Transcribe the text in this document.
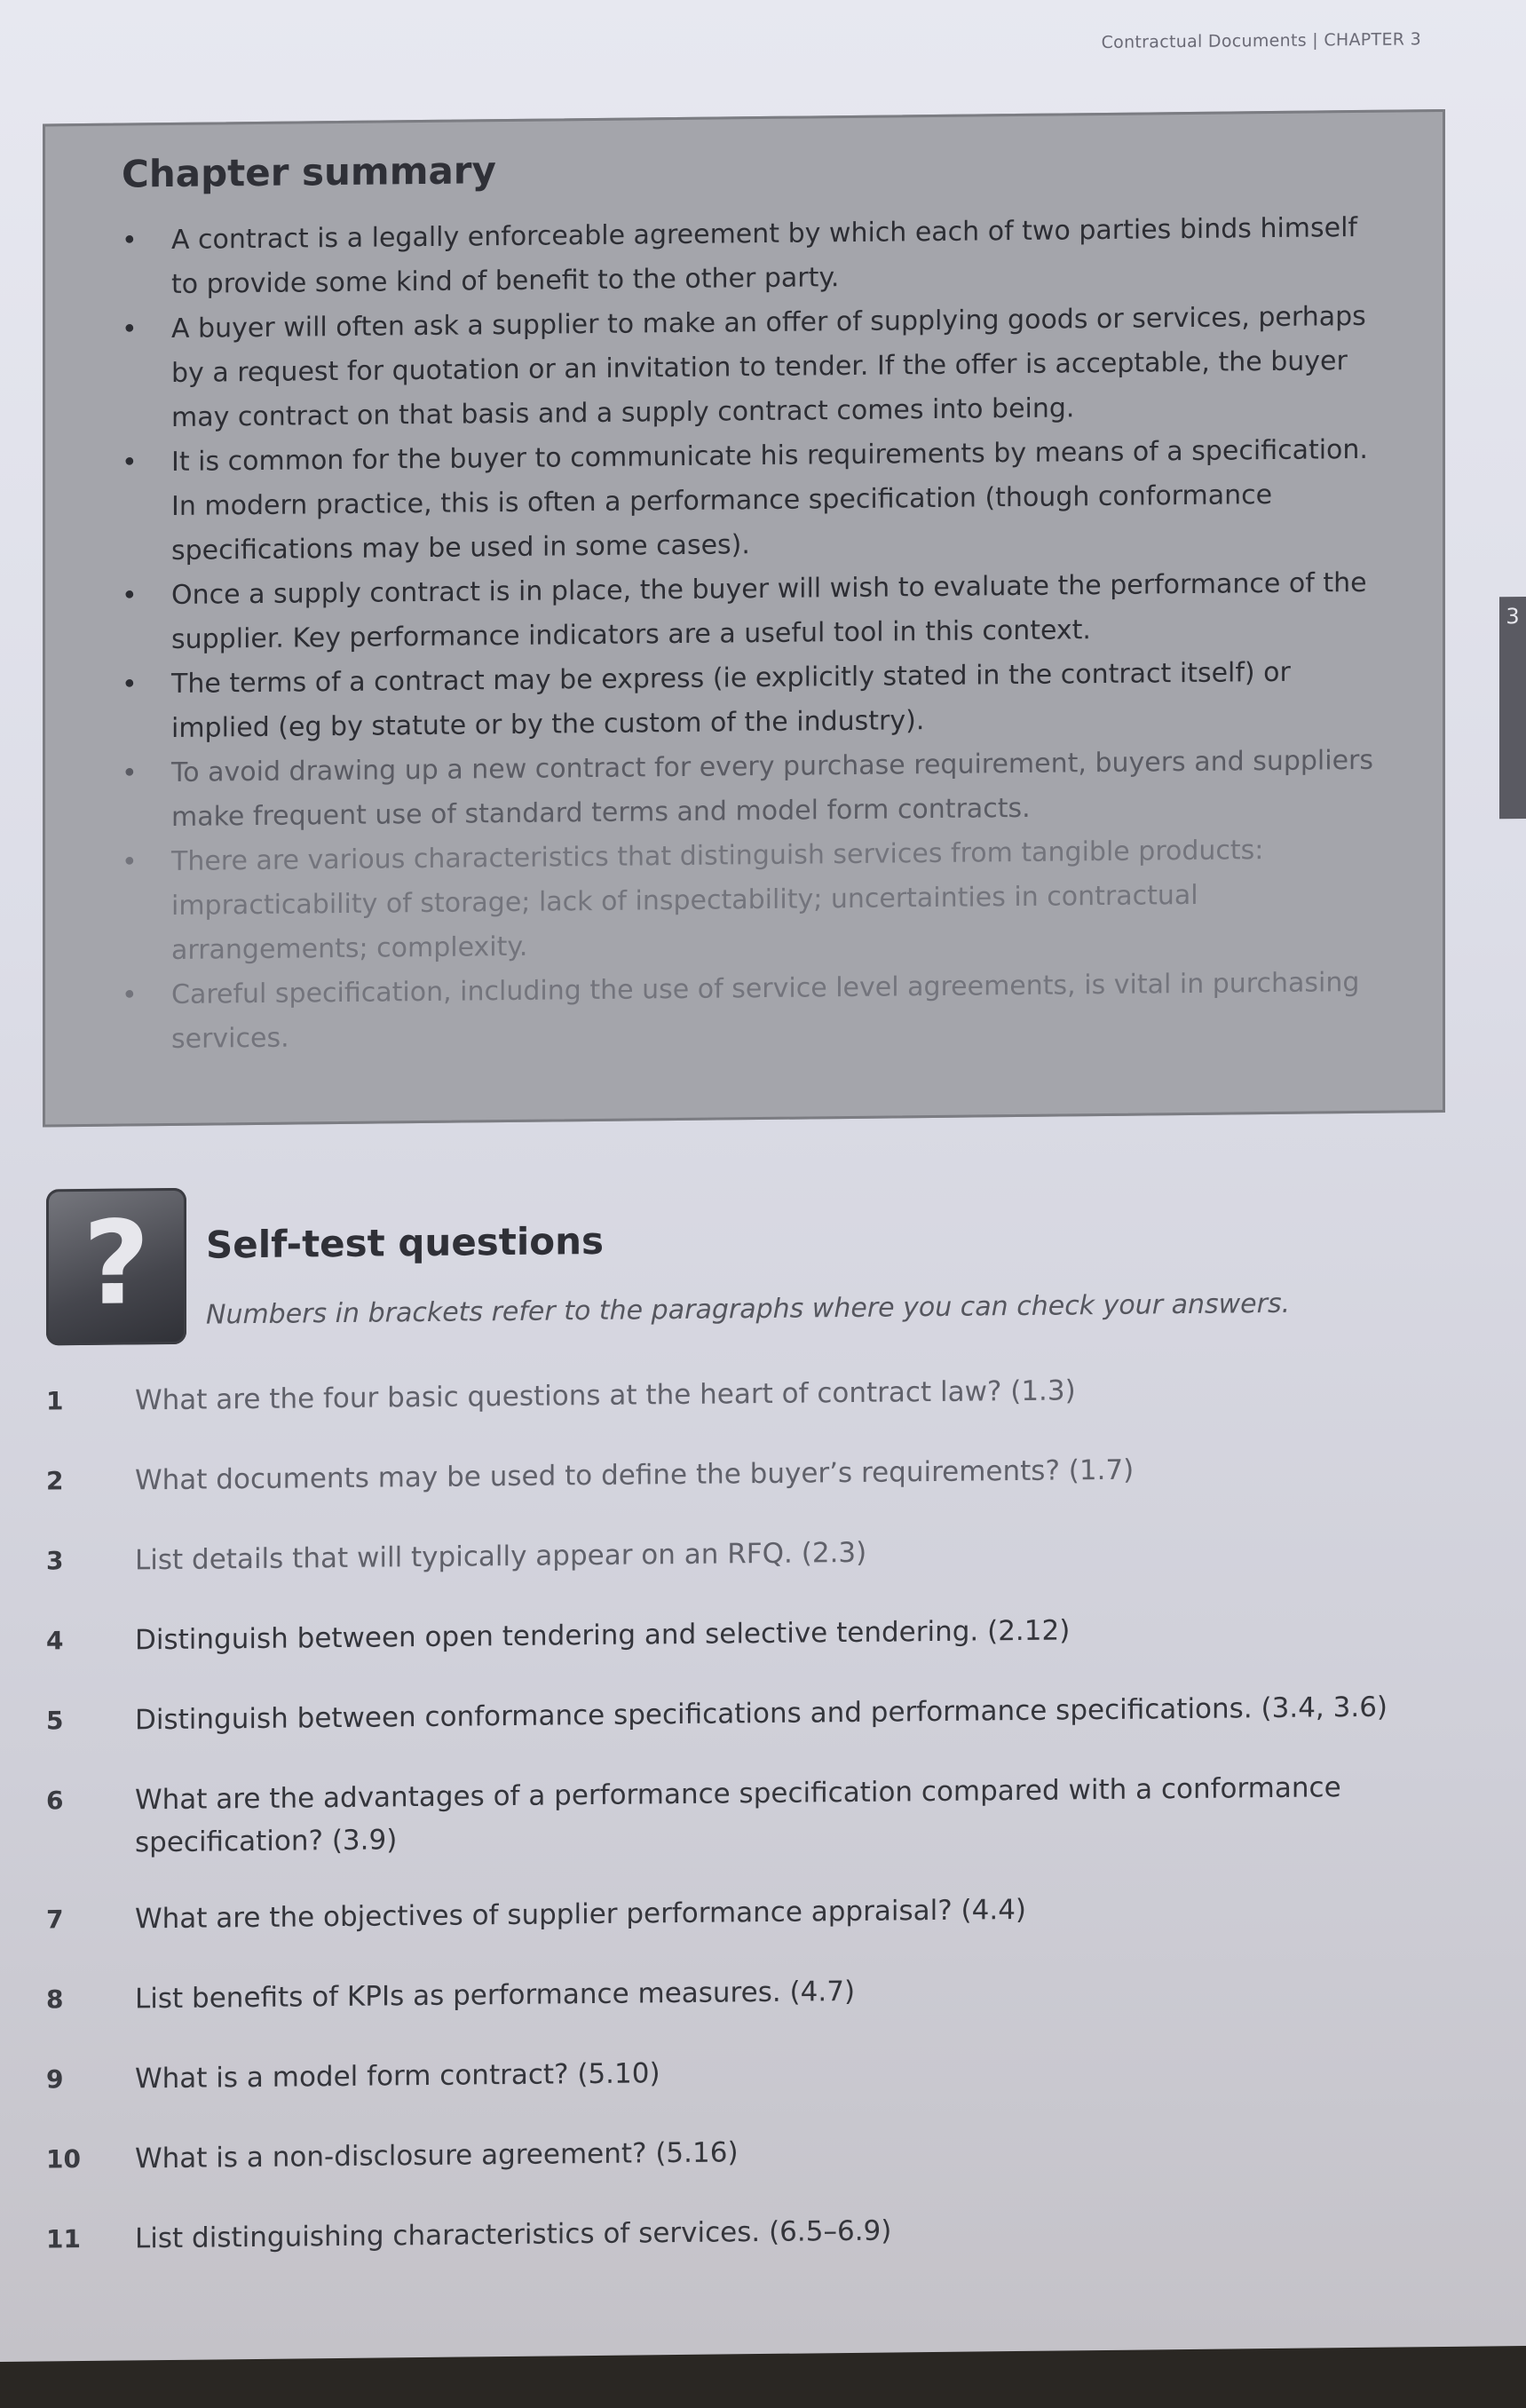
Contractual Documents | CHAPTER 3
3
Chapter summary
• A contract is a legally enforceable agreement by which each of two parties binds himself to provide some kind of benefit to the other party.
• A buyer will often ask a supplier to make an offer of supplying goods or services, perhaps by a request for quotation or an invitation to tender. If the offer is acceptable, the buyer may contract on that basis and a supply contract comes into being.
• It is common for the buyer to communicate his requirements by means of a specification. In modern practice, this is often a performance specification (though conformance specifications may be used in some cases).
• Once a supply contract is in place, the buyer will wish to evaluate the performance of the supplier. Key performance indicators are a useful tool in this context.
• The terms of a contract may be express (ie explicitly stated in the contract itself) or implied (eg by statute or by the custom of the industry).
• To avoid drawing up a new contract for every purchase requirement, buyers and suppliers make frequent use of standard terms and model form contracts.
• There are various characteristics that distinguish services from tangible products: impracticability of storage; lack of inspectability; uncertainties in contractual arrangements; complexity.
• Careful specification, including the use of service level agreements, is vital in purchasing services.
?	Self-test questions
Numbers in brackets refer to the paragraphs where you can check your answers.
1	What are the four basic questions at the heart of contract law? (1.3)
2	What documents may be used to define the buyer’s requirements? (1.7)
3	List details that will typically appear on an RFQ. (2.3)
4	Distinguish between open tendering and selective tendering. (2.12)
5	Distinguish between conformance specifications and performance specifications. (3.4, 3.6)
6	What are the advantages of a performance specification compared with a conformance specification? (3.9)
7	What are the objectives of supplier performance appraisal? (4.4)
8	List benefits of KPIs as performance measures. (4.7)
9	What is a model form contract? (5.10)
10	What is a non-disclosure agreement? (5.16)
11	List distinguishing characteristics of services. (6.5–6.9)
